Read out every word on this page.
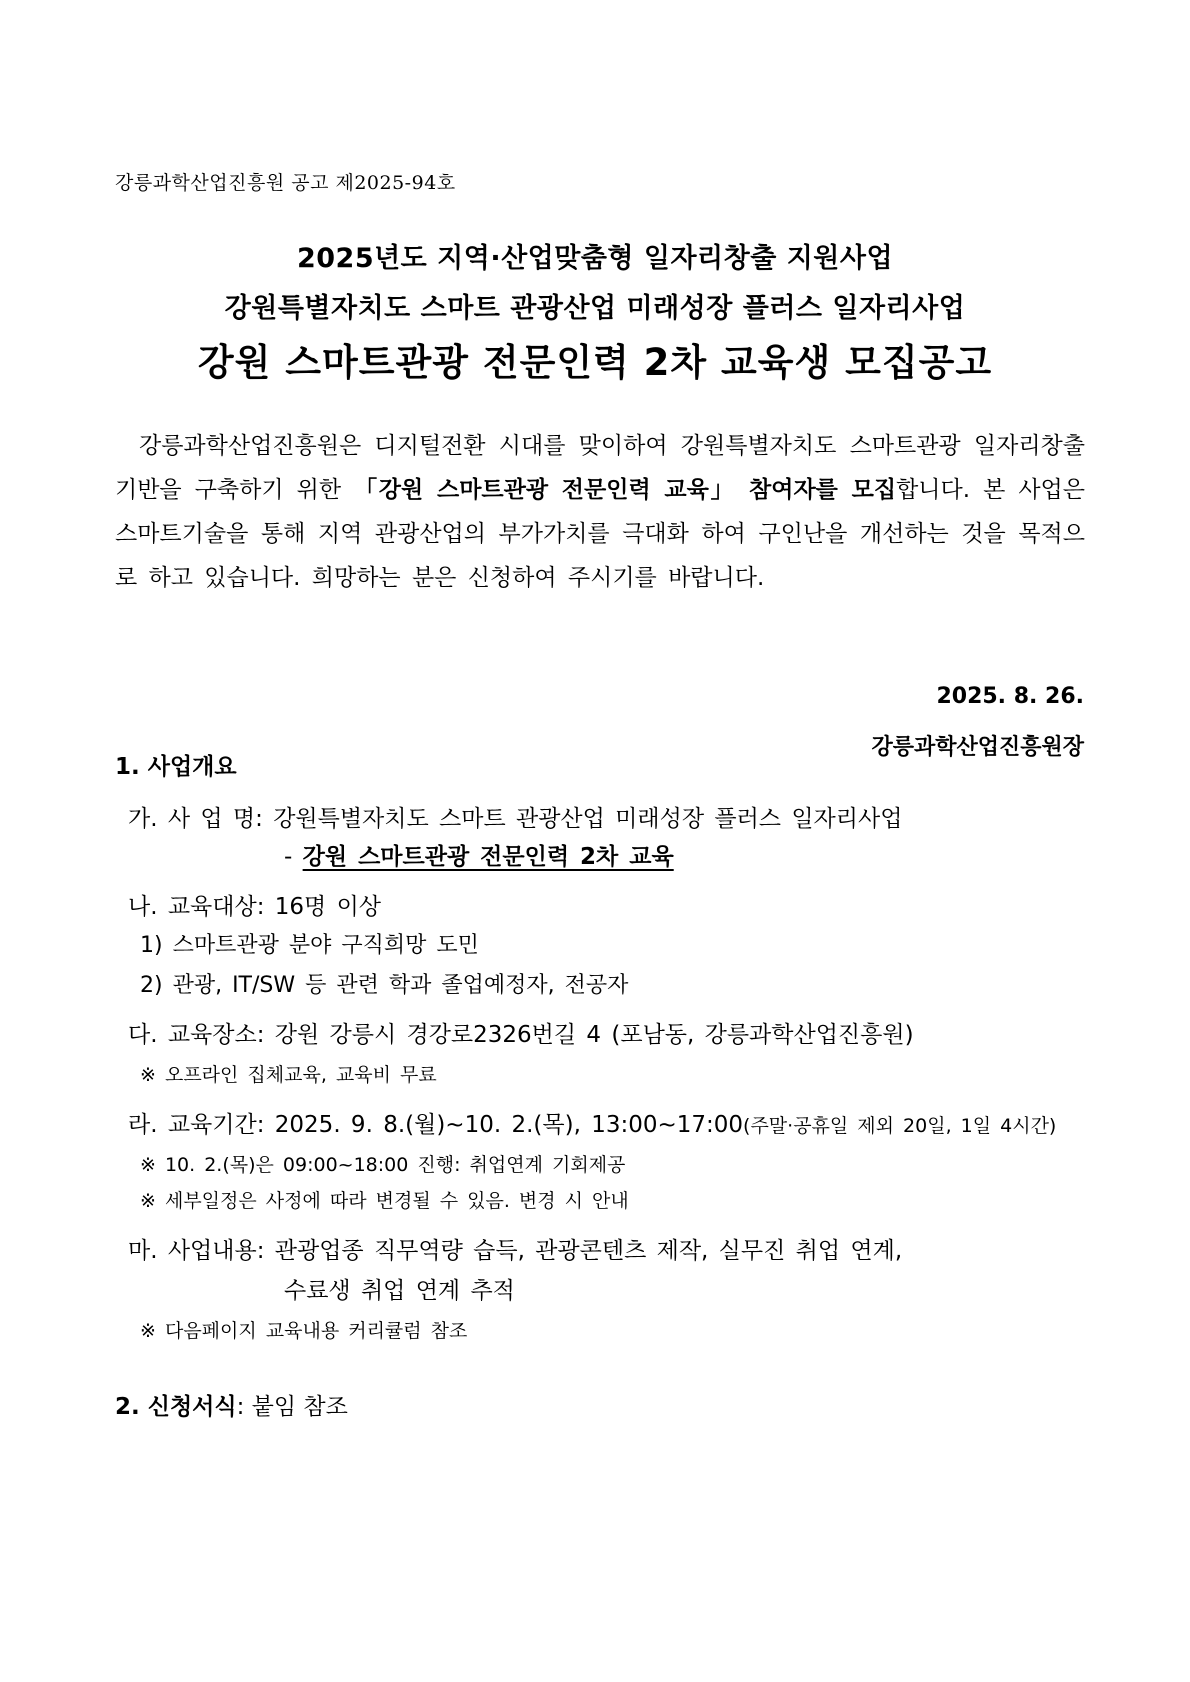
강릉과학산업진흥원 공고 제2025-94호
2025년도 지역·산업맞춤형 일자리창출 지원사업
강원특별자치도 스마트 관광산업 미래성장 플러스 일자리사업
강원 스마트관광 전문인력 2차 교육생 모집공고
강릉과학산업진흥원은 디지털전환 시대를 맞이하여 강원특별자치도 스마트관광 일자리창출 기반을 구축하기 위한 「강원 스마트관광 전문인력 교육」 참여자를 모집합니다. 본 사업은 스마트기술을 통해 지역 관광산업의 부가가치를 극대화 하여 구인난을 개선하는 것을 목적으로 하고 있습니다. 희망하는 분은 신청하여 주시기를 바랍니다.
2025. 8. 26.
강릉과학산업진흥원장
1. 사업개요
가. 사 업 명: 강원특별자치도 스마트 관광산업 미래성장 플러스 일자리사업
- 강원 스마트관광 전문인력 2차 교육
나. 교육대상: 16명 이상
1) 스마트관광 분야 구직희망 도민
2) 관광, IT/SW 등 관련 학과 졸업예정자, 전공자
다. 교육장소: 강원 강릉시 경강로2326번길 4 (포남동, 강릉과학산업진흥원)
※ 오프라인 집체교육, 교육비 무료
라. 교육기간: 2025. 9. 8.(월)~10. 2.(목), 13:00~17:00(주말·공휴일 제외 20일, 1일 4시간)
※ 10. 2.(목)은 09:00~18:00 진행: 취업연계 기회제공
※ 세부일정은 사정에 따라 변경될 수 있음. 변경 시 안내
마. 사업내용: 관광업종 직무역량 습득, 관광콘텐츠 제작, 실무진 취업 연계,
수료생 취업 연계 추적
※ 다음페이지 교육내용 커리큘럼 참조
2. 신청서식: 붙임 참조
